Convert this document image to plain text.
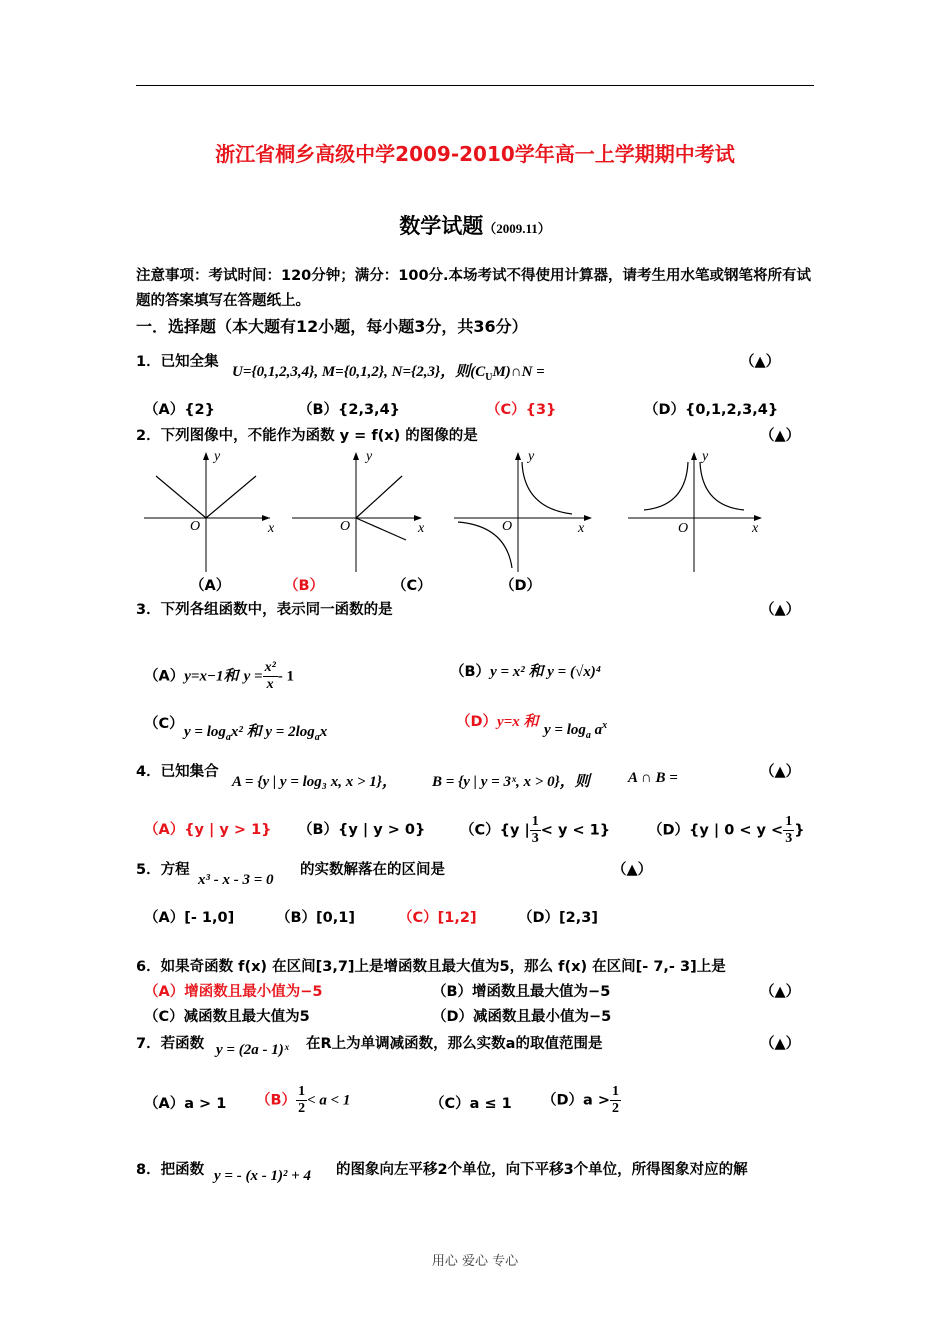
浙江省桐乡高级中学2009-2010学年高一上学期期中考试
数学试题（2009.11）
注意事项：考试时间：120分钟；满分：100分.本场考试不得使用计算器，请考生用水笔或钢笔将所有试题的答案填写在答题纸上。
一．选择题（本大题有12小题，每小题3分，共36分）
1．已知全集
U={0,1,2,3,4}, M={0,1,2}, N={2,3}，则$(C_UM)\cap N$ =
（▲）
（A）{2}	（B）{2,3,4}	（C）{3}	（D）{0,1,2,3,4}
2．下列图像中，不能作为函数 y = f(x) 的图像的是	（▲）
O	x
y
O	x
y
O	x
y
O	x
y
（A）	（B）	（C）	（D）
3．下列各组函数中，表示同一函数的是	（▲）
（A）y=x−1和 $y = \frac{\text{x²}}{x} - 1$	（B）y = x² 和 y = (√x)⁴
（C） $y = \log_ax^2$ 和 $y = 2\log_ax$
（D）y=x 和 $y = \log_a a^x$
4．已知集合
A = {y | y = log₃ x, x > 1}， B = {y | y = 3ˣ, x > 0}，则	A ∩ B =	（▲）
（A）{y | y > 1} （B）{y | y > 0} （C）{y | $\frac{1}{3} < y < 1$}	（D）{y | $0 < y < \frac{1}{3}$ }
5．方程
x³ - x - 3 = 0
的实数解落在的区间是	（▲）
（A）[- 1,0]	（B）[0,1]	（C）[1,2]	（D）[2,3]
6．如果奇函数 f(x) 在区间[3,7]上是增函数且最大值为5，那么 f(x) 在区间[- 7,- 3]上是
（A）增函数且最小值为−5	（B）增函数且最大值为−5	（▲）
（C）减函数且最大值为5	（D）减函数且最小值为−5
7．若函数 y = (2a - 1)ˣ 在R上为单调减函数，那么实数a的取值范围是	（▲）
（A）a > 1 $(B) \frac{1}{2} < a < 1$	（C）a ≤ 1 $(D)a > \frac{1}{2}$
8．把函数 y = - (x - 1)² + 4 的图象向左平移2个单位，向下平移3个单位，所得图象对应的解
用心 爱心 专心
